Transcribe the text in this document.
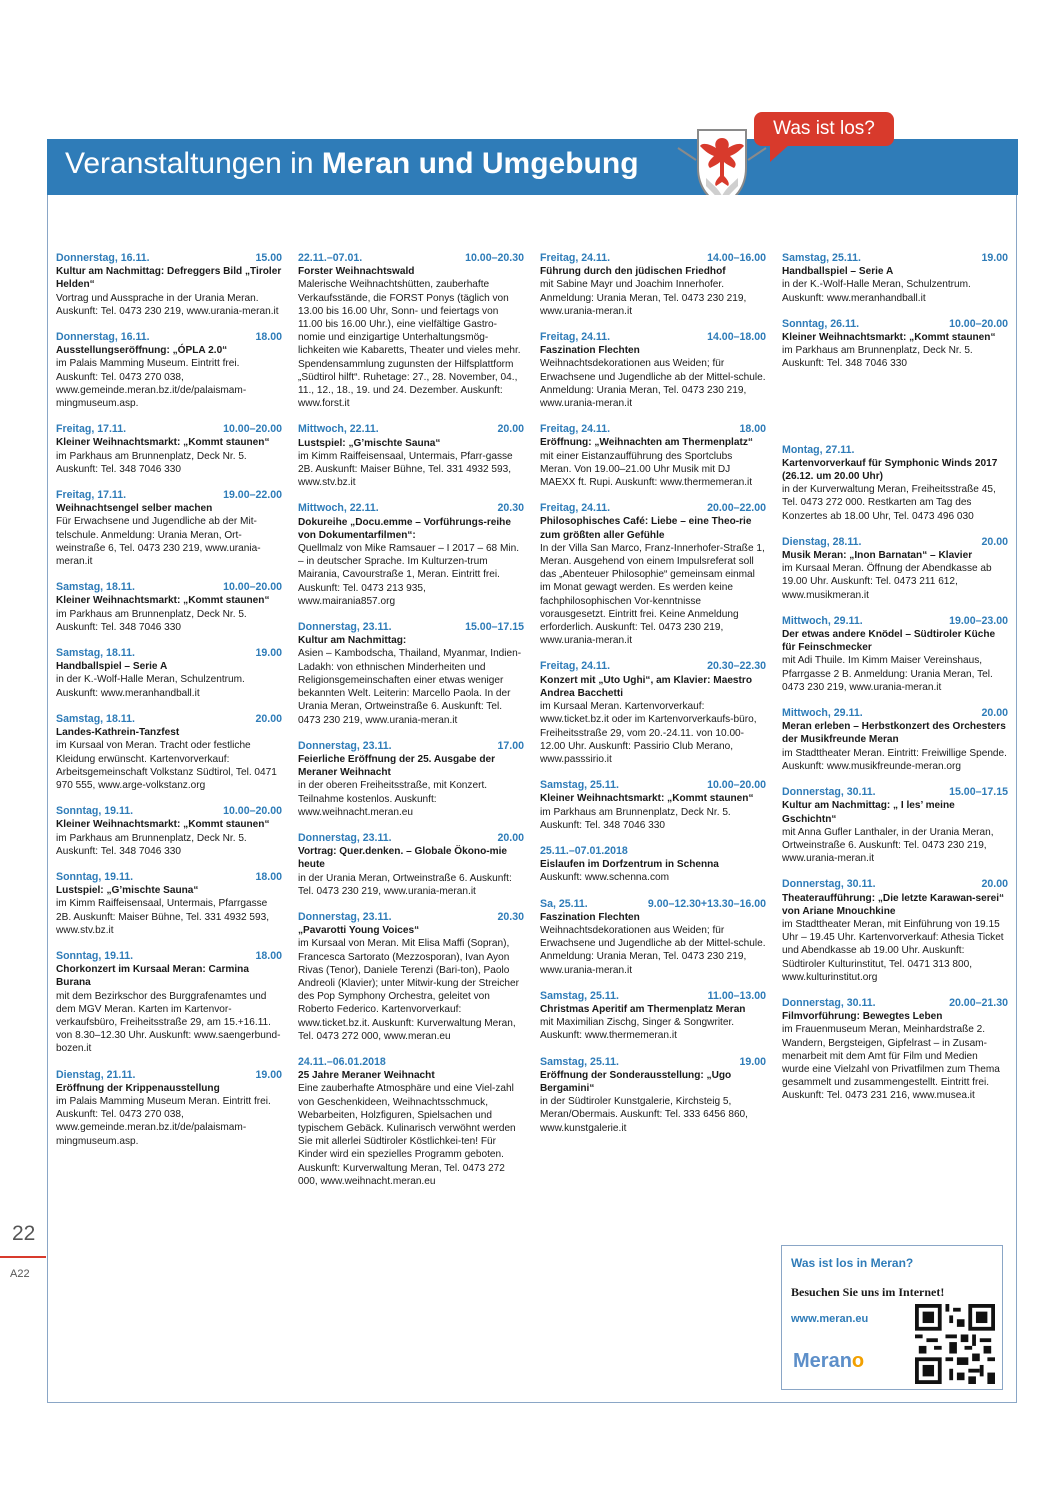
Veranstaltungen in Meran und Umgebung
Was ist los?
Donnerstag, 16.11.	15.00
Kultur am Nachmittag: Defreggers Bild „Tiroler Helden“
Vortrag und Aussprache in der Urania Meran. Auskunft: Tel. 0473 230 219, www.urania-meran.it
Donnerstag, 16.11.	18.00
Ausstellungseröffnung: „ÓPLA 2.0“
im Palais Mamming Museum. Eintritt frei. Auskunft: Tel. 0473 270 038, www.gemeinde.meran.bz.it/de/palaismam-mingmuseum.asp.
Freitag, 17.11.	10.00–20.00
Kleiner Weihnachtsmarkt: „Kommt staunen“
im Parkhaus am Brunnenplatz, Deck Nr. 5. Auskunft: Tel. 348 7046 330
Freitag, 17.11.	19.00–22.00
Weihnachtsengel selber machen
Für Erwachsene und Jugendliche ab der Mit-telschule. Anmeldung: Urania Meran, Ort-weinstraße 6, Tel. 0473 230 219, www.urania-meran.it
Samstag, 18.11.	10.00–20.00
Kleiner Weihnachtsmarkt: „Kommt staunen“
im Parkhaus am Brunnenplatz, Deck Nr. 5. Auskunft: Tel. 348 7046 330
Samstag, 18.11.	19.00
Handballspiel – Serie A
in der K.-Wolf-Halle Meran, Schulzentrum. Auskunft: www.meranhandball.it
Samstag, 18.11.	20.00
Landes-Kathrein-Tanzfest
im Kursaal von Meran. Tracht oder festliche Kleidung erwünscht. Kartenvorverkauf: Arbeitsgemeinschaft Volkstanz Südtirol, Tel. 0471 970 555, www.arge-volkstanz.org
Sonntag, 19.11.	10.00–20.00
Kleiner Weihnachtsmarkt: „Kommt staunen“
im Parkhaus am Brunnenplatz, Deck Nr. 5. Auskunft: Tel. 348 7046 330
Sonntag, 19.11.	18.00
Lustspiel: „G’mischte Sauna“
im Kimm Raiffeisensaal, Untermais, Pfarrgasse 2B. Auskunft: Maiser Bühne, Tel. 331 4932 593, www.stv.bz.it
Sonntag, 19.11.	18.00
Chorkonzert im Kursaal Meran: Carmina Burana
mit dem Bezirkschor des Burggrafenamtes und dem MGV Meran. Karten im Kartenvor-verkaufsbüro, Freiheitsstraße 29, am 15.+16.11. von 8.30–12.30 Uhr. Auskunft: www.saengerbund-bozen.it
Dienstag, 21.11.	19.00
Eröffnung der Krippenausstellung
im Palais Mamming Museum Meran. Eintritt frei. Auskunft: Tel. 0473 270 038, www.gemeinde.meran.bz.it/de/palaismam-mingmuseum.asp.
22.11.–07.01.	10.00–20.30
Forster Weihnachtswald
Malerische Weihnachtshütten, zauberhafte Verkaufsstände, die FORST Ponys (täglich von 13.00 bis 16.00 Uhr, Sonn- und feiertags von 11.00 bis 16.00 Uhr.), eine vielfältige Gastro-nomie und einzigartige Unterhaltungsmög-lichkeiten wie Kabaretts, Theater und vieles mehr. Spendensammlung zugunsten der Hilfsplattform „Südtirol hilft“. Ruhetage: 27., 28. November, 04., 11., 12., 18., 19. und 24. Dezember. Auskunft: www.forst.it
Mittwoch, 22.11.	20.00
Lustspiel: „G’mischte Sauna“
im Kimm Raiffeisensaal, Untermais, Pfarr-gasse 2B. Auskunft: Maiser Bühne, Tel. 331 4932 593, www.stv.bz.it
Mittwoch, 22.11.	20.30
Dokureihe „Docu.emme – Vorführungs-reihe von Dokumentarfilmen“:
Quellmalz von Mike Ramsauer – I 2017 – 68 Min. – in deutscher Sprache. Im Kulturzen-trum Mairania, Cavourstraße 1, Meran. Eintritt frei. Auskunft: Tel. 0473 213 935, www.mairania857.org
Donnerstag, 23.11.	15.00–17.15
Kultur am Nachmittag:
Asien – Kambodscha, Thailand, Myanmar, Indien-Ladakh: von ethnischen Minderheiten und Religionsgemeinschaften einer etwas weniger bekannten Welt. Leiterin: Marcello Paola. In der Urania Meran, Ortweinstraße 6. Auskunft: Tel. 0473 230 219, www.urania-meran.it
Donnerstag, 23.11.	17.00
Feierliche Eröffnung der 25. Ausgabe der Meraner Weihnacht
in der oberen Freiheitsstraße, mit Konzert. Teilnahme kostenlos. Auskunft: www.weihnacht.meran.eu
Donnerstag, 23.11.	20.00
Vortrag: Quer.denken. – Globale Ökono-mie heute
in der Urania Meran, Ortweinstraße 6. Auskunft: Tel. 0473 230 219, www.urania-meran.it
Donnerstag, 23.11.	20.30
„Pavarotti Young Voices“
im Kursaal von Meran. Mit Elisa Maffi (Sopran), Francesca Sartorato (Mezzosporan), Ivan Ayon Rivas (Tenor), Daniele Terenzi (Bari-ton), Paolo Andreoli (Klavier); unter Mitwir-kung der Streicher des Pop Symphony Orchestra, geleitet von Roberto Federico. Kartenvorverkauf: www.ticket.bz.it. Auskunft: Kurverwaltung Meran, Tel. 0473 272 000, www.meran.eu
24.11.–06.01.2018
25 Jahre Meraner Weihnacht
Eine zauberhafte Atmosphäre und eine Viel-zahl von Geschenkideen, Weihnachtsschmuck, Webarbeiten, Holzfiguren, Spielsachen und typischem Gebäck. Kulinarisch verwöhnt werden Sie mit allerlei Südtiroler Köstlichkei-ten! Für Kinder wird ein spezielles Programm geboten. Auskunft: Kurverwaltung Meran, Tel. 0473 272 000, www.weihnacht.meran.eu
Freitag, 24.11.	14.00–16.00
Führung durch den jüdischen Friedhof
mit Sabine Mayr und Joachim Innerhofer. Anmeldung: Urania Meran, Tel. 0473 230 219, www.urania-meran.it
Freitag, 24.11.	14.00–18.00
Faszination Flechten
Weihnachtsdekorationen aus Weiden; für Erwachsene und Jugendliche ab der Mittel-schule. Anmeldung: Urania Meran, Tel. 0473 230 219, www.urania-meran.it
Freitag, 24.11.	18.00
Eröffnung: „Weihnachten am Thermenplatz“
mit einer Eistanzaufführung des Sportclubs Meran. Von 19.00–21.00 Uhr Musik mit DJ MAEXX ft. Rupi. Auskunft: www.thermemeran.it
Freitag, 24.11.	20.00–22.00
Philosophisches Café: Liebe – eine Theo-rie zum größten aller Gefühle
In der Villa San Marco, Franz-Innerhofer-Straße 1, Meran. Ausgehend von einem Impulsreferat soll das „Abenteuer Philosophie“ gemeinsam einmal im Monat gewagt werden. Es werden keine fachphilosophischen Vor-kenntnisse vorausgesetzt. Eintritt frei. Keine Anmeldung erforderlich. Auskunft: Tel. 0473 230 219, www.urania-meran.it
Freitag, 24.11.	20.30–22.30
Konzert mit „Uto Ughi“, am Klavier: Maestro Andrea Bacchetti
im Kursaal Meran. Kartenvorverkauf: www.ticket.bz.it oder im Kartenvorverkaufs-büro, Freiheitsstraße 29, vom 20.-24.11. von 10.00-12.00 Uhr. Auskunft: Passirio Club Merano, www.passsirio.it
Samstag, 25.11.	10.00–20.00
Kleiner Weihnachtsmarkt: „Kommt staunen“
im Parkhaus am Brunnenplatz, Deck Nr. 5. Auskunft: Tel. 348 7046 330
25.11.–07.01.2018
Eislaufen im Dorfzentrum in Schenna
Auskunft: www.schenna.com
Sa, 25.11.	9.00–12.30+13.30–16.00
Faszination Flechten
Weihnachtsdekorationen aus Weiden; für Erwachsene und Jugendliche ab der Mittel-schule. Anmeldung: Urania Meran, Tel. 0473 230 219, www.urania-meran.it
Samstag, 25.11.	11.00–13.00
Christmas Aperitif am Thermenplatz Meran
mit Maximilian Zischg, Singer & Songwriter. Auskunft: www.thermemeran.it
Samstag, 25.11.	19.00
Eröffnung der Sonderausstellung: „Ugo Bergamini“
in der Südtiroler Kunstgalerie, Kirchsteig 5, Meran/Obermais. Auskunft: Tel. 333 6456 860, www.kunstgalerie.it
Samstag, 25.11.	19.00
Handballspiel – Serie A
in der K.-Wolf-Halle Meran, Schulzentrum. Auskunft: www.meranhandball.it
Sonntag, 26.11.	10.00–20.00
Kleiner Weihnachtsmarkt: „Kommt staunen“
im Parkhaus am Brunnenplatz, Deck Nr. 5. Auskunft: Tel. 348 7046 330
Montag, 27.11.
Kartenvorverkauf für Symphonic Winds 2017 (26.12. um 20.00 Uhr)
in der Kurverwaltung Meran, Freiheitsstraße 45, Tel. 0473 272 000. Restkarten am Tag des Konzertes ab 18.00 Uhr, Tel. 0473 496 030
Dienstag, 28.11.	20.00
Musik Meran: „Inon Barnatan“ – Klavier
im Kursaal Meran. Öffnung der Abendkasse ab 19.00 Uhr. Auskunft: Tel. 0473 211 612, www.musikmeran.it
Mittwoch, 29.11.	19.00–23.00
Der etwas andere Knödel – Südtiroler Küche für Feinschmecker
mit Adi Thuile. Im Kimm Maiser Vereinshaus, Pfarrgasse 2 B. Anmeldung: Urania Meran, Tel. 0473 230 219, www.urania-meran.it
Mittwoch, 29.11.	20.00
Meran erleben – Herbstkonzert des Orchesters der Musikfreunde Meran
im Stadttheater Meran. Eintritt: Freiwillige Spende. Auskunft: www.musikfreunde-meran.org
Donnerstag, 30.11.	15.00–17.15
Kultur am Nachmittag: „ I les’ meine Gschichtn“
mit Anna Gufler Lanthaler, in der Urania Meran, Ortweinstraße 6. Auskunft: Tel. 0473 230 219, www.urania-meran.it
Donnerstag, 30.11.	20.00
Theateraufführung: „Die letzte Karawan-serei“ von Ariane Mnouchkine
im Stadttheater Meran, mit Einführung von 19.15 Uhr – 19.45 Uhr. Kartenvorverkauf: Athesia Ticket und Abendkasse ab 19.00 Uhr. Auskunft: Südtiroler Kulturinstitut, Tel. 0471 313 800, www.kulturinstitut.org
Donnerstag, 30.11.	20.00–21.30
Filmvorführung: Bewegtes Leben
im Frauenmuseum Meran, Meinhardstraße 2. Wandern, Bergsteigen, Gipfelrast – in Zusam-menarbeit mit dem Amt für Film und Medien wurde eine Vielzahl von Privatfilmen zum Thema gesammelt und zusammengestellt. Eintritt frei. Auskunft: Tel. 0473 231 216, www.musea.it
22
A22
Was ist los in Meran?
Besuchen Sie uns im Internet!
www.meran.eu
Merano
